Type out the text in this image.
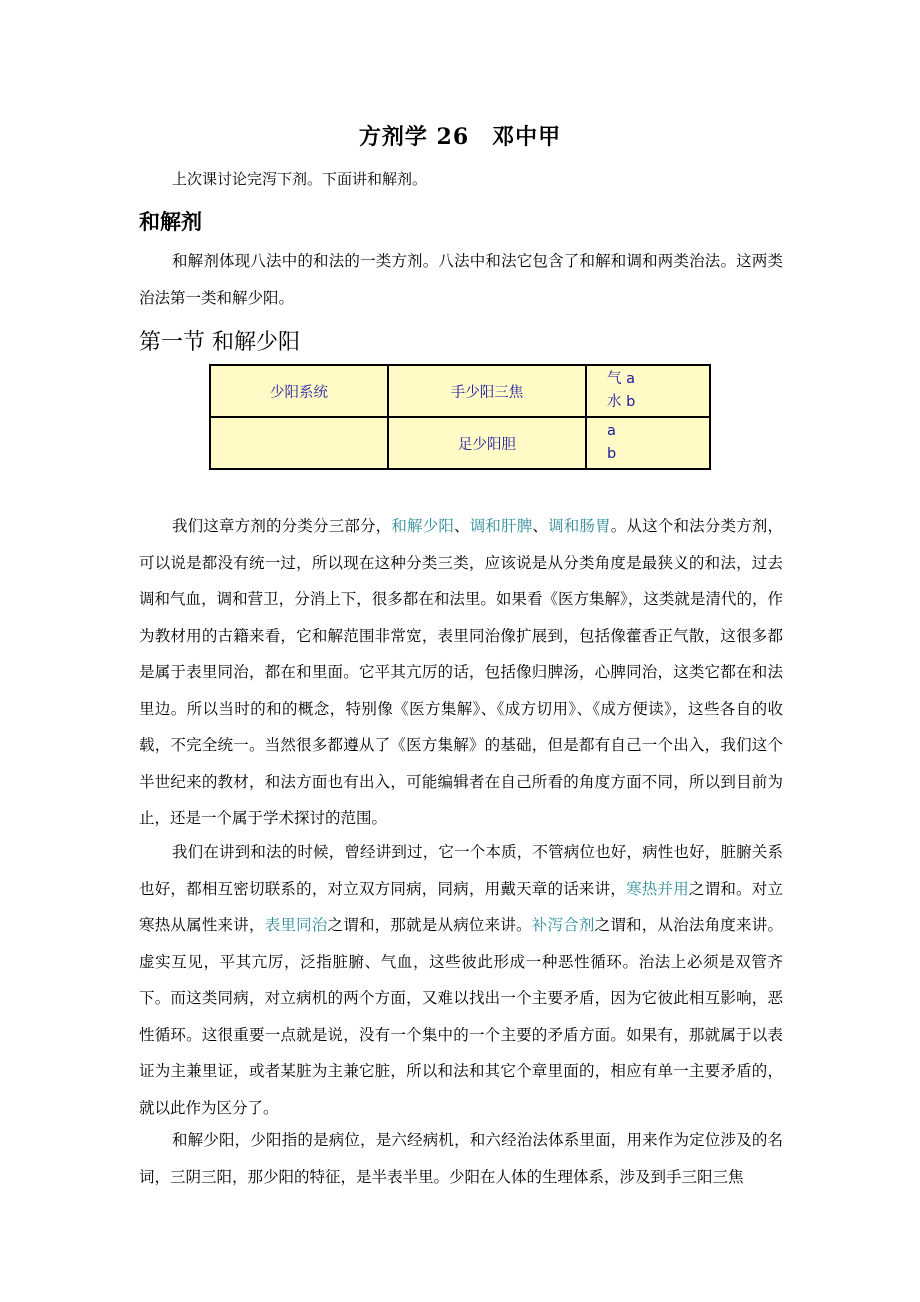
方剂学 26　邓中甲
上次课讨论完泻下剂。下面讲和解剂。
和解剂

和解剂体现八法中的和法的一类方剂。八法中和法它包含了和解和调和两类治法。这两类治法第一类和解少阳。

第一节 和解少阳
少阳系统	手少阳三焦	气 a
水 b

	足少阳胆	a
b

我们这章方剂的分类分三部分，和解少阳、调和肝脾、调和肠胃。从这个和法分类方剂，可以说是都没有统一过，所以现在这种分类三类，应该说是从分类角度是最狭义的和法，过去调和气血，调和营卫，分消上下，很多都在和法里。如果看《医方集解》，这类就是清代的，作为教材用的古籍来看，它和解范围非常宽，表里同治像扩展到，包括像藿香正气散，这很多都是属于表里同治，都在和里面。它平其亢厉的话，包括像归脾汤，心脾同治，这类它都在和法里边。所以当时的和的概念，特别像《医方集解》、《成方切用》、《成方便读》，这些各自的收载，不完全统一。当然很多都遵从了《医方集解》的基础，但是都有自己一个出入，我们这个半世纪来的教材，和法方面也有出入，可能编辑者在自己所看的角度方面不同，所以到目前为止，还是一个属于学术探讨的范围。

我们在讲到和法的时候，曾经讲到过，它一个本质，不管病位也好，病性也好，脏腑关系也好，都相互密切联系的，对立双方同病，同病，用戴天章的话来讲，寒热并用之谓和。对立寒热从属性来讲，表里同治之谓和，那就是从病位来讲。补泻合剂之谓和，从治法角度来讲。虚实互见，平其亢厉，泛指脏腑、气血，这些彼此形成一种恶性循环。治法上必须是双管齐下。而这类同病，对立病机的两个方面，又难以找出一个主要矛盾，因为它彼此相互影响，恶性循环。这很重要一点就是说，没有一个集中的一个主要的矛盾方面。如果有，那就属于以表证为主兼里证，或者某脏为主兼它脏，所以和法和其它个章里面的，相应有单一主要矛盾的，就以此作为区分了。

和解少阳，少阳指的是病位，是六经病机，和六经治法体系里面，用来作为定位涉及的名词，三阴三阳，那少阳的特征，是半表半里。少阳在人体的生理体系，涉及到手三阳三焦
